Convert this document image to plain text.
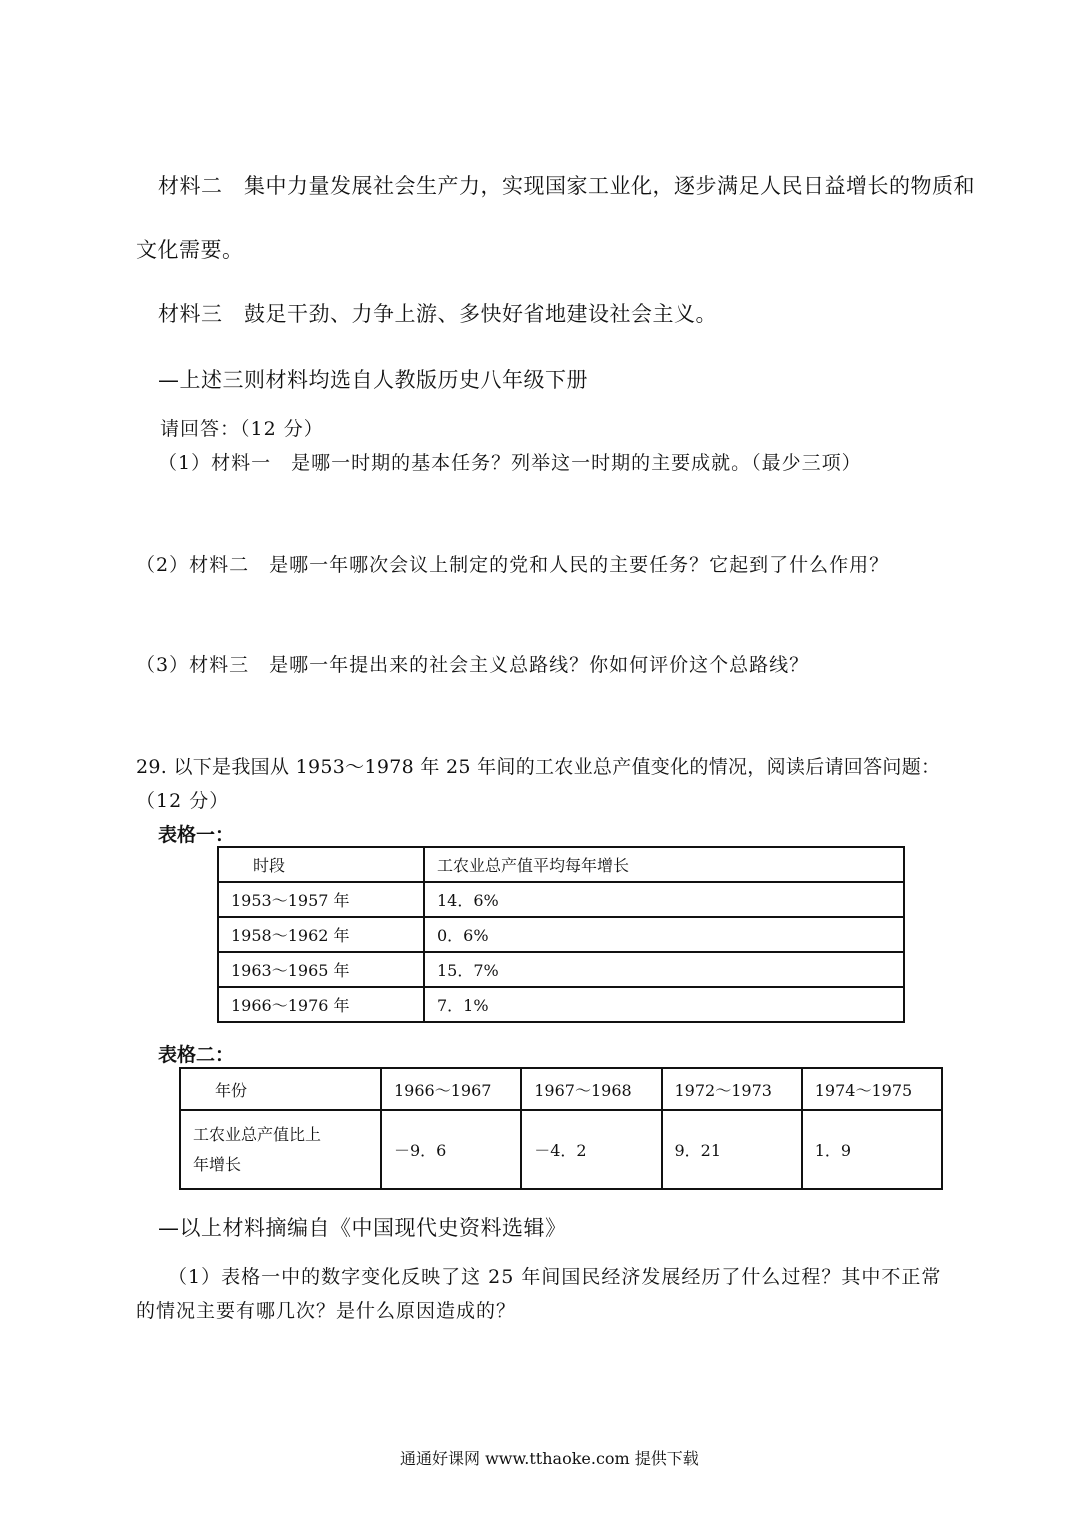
材料二　集中力量发展社会生产力，实现国家工业化，逐步满足人民日益增长的物质和
文化需要。
材料三　鼓足干劲、力争上游、多快好省地建设社会主义。
—上述三则材料均选自人教版历史八年级下册
请回答：（12 分）
（1）材料一　是哪一时期的基本任务？列举这一时期的主要成就。（最少三项）
（2）材料二　是哪一年哪次会议上制定的党和人民的主要任务？它起到了什么作用？
（3）材料三　是哪一年提出来的社会主义总路线？你如何评价这个总路线？
29. 以下是我国从 1953～1978 年 25 年间的工农业总产值变化的情况，阅读后请回答问题：
（12 分）
表格一：
时段	工农业总产值平均每年增长
1953～1957 年	14．6%
1958～1962 年	0．6%
1963～1965 年	15．7%
1966～1976 年	7．1%
表格二：
年份	1966～1967	1967～1968	1972～1973	1974～1975

工农业总产值比上
年增长	－9．6	－4．2	9．21	1．9
—以上材料摘编自《中国现代史资料选辑》
（1）表格一中的数字变化反映了这 25 年间国民经济发展经历了什么过程？其中不正常
的情况主要有哪几次？是什么原因造成的？
通通好课网 www.tthaoke.com 提供下载
